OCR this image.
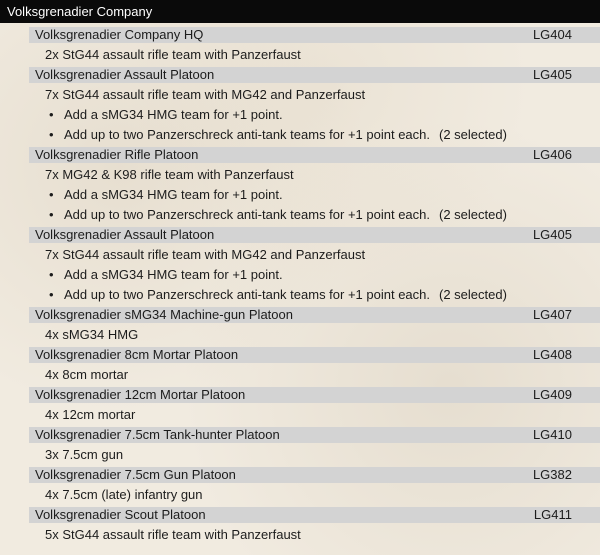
Volksgrenadier Company
Volksgrenadier Company HQ	LG404
2x StG44 assault rifle team with Panzerfaust
Volksgrenadier Assault Platoon	LG405
7x StG44 assault rifle team with MG42 and Panzerfaust
• Add a sMG34 HMG team for +1 point.
• Add up to two Panzerschreck anti-tank teams for +1 point each. (2 selected)
Volksgrenadier Rifle Platoon	LG406
7x MG42 & K98 rifle team with Panzerfaust
• Add a sMG34 HMG team for +1 point.
• Add up to two Panzerschreck anti-tank teams for +1 point each. (2 selected)
Volksgrenadier Assault Platoon	LG405
7x StG44 assault rifle team with MG42 and Panzerfaust
• Add a sMG34 HMG team for +1 point.
• Add up to two Panzerschreck anti-tank teams for +1 point each. (2 selected)
Volksgrenadier sMG34 Machine-gun Platoon	LG407
4x sMG34 HMG
Volksgrenadier 8cm Mortar Platoon	LG408
4x 8cm mortar
Volksgrenadier 12cm Mortar Platoon	LG409
4x 12cm mortar
Volksgrenadier 7.5cm Tank-hunter Platoon	LG410
3x 7.5cm gun
Volksgrenadier 7.5cm Gun Platoon	LG382
4x 7.5cm (late) infantry gun
Volksgrenadier Scout Platoon	LG411
5x StG44 assault rifle team with Panzerfaust
